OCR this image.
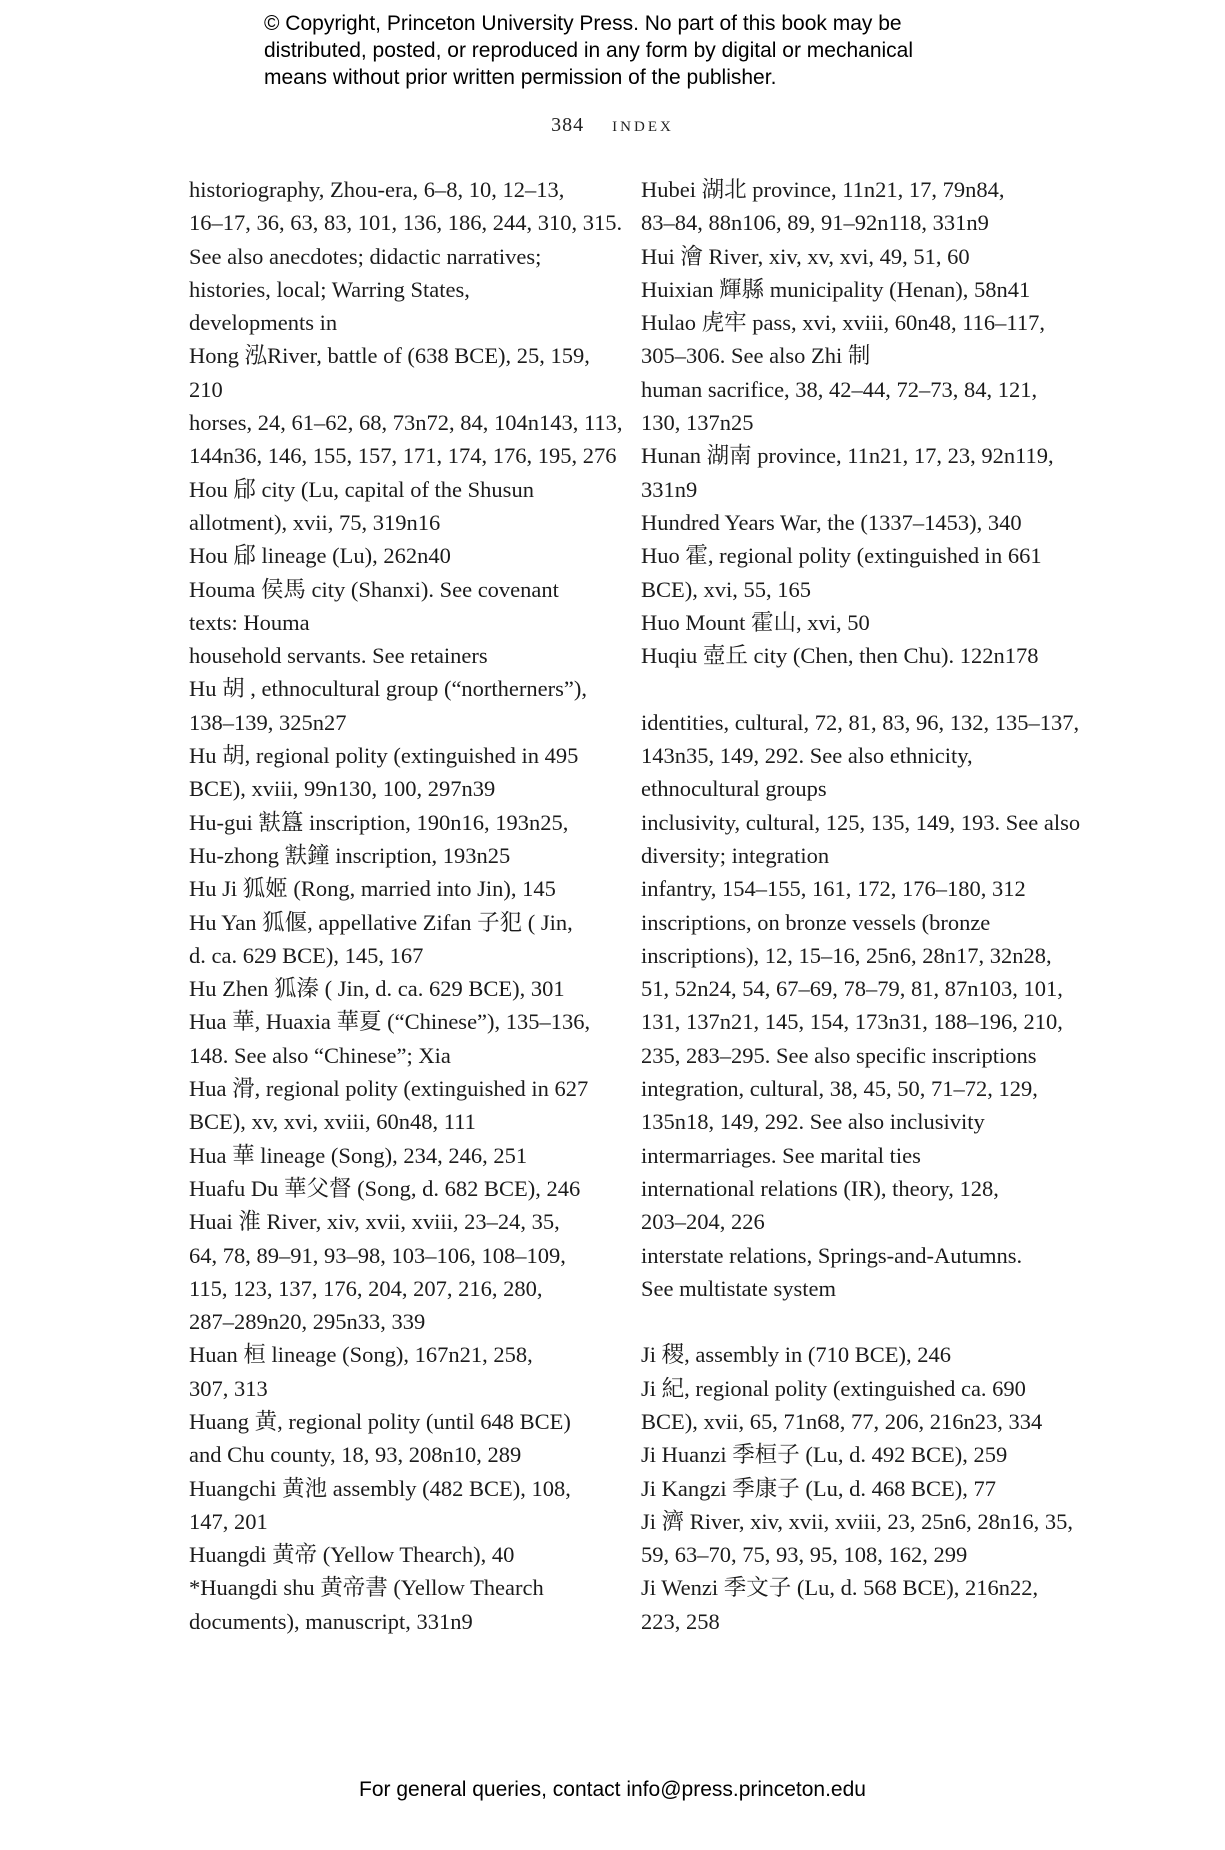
© Copyright, Princeton University Press. No part of this book may be
distributed, posted, or reproduced in any form by digital or mechanical
means without prior written permission of the publisher.
384 index
historiography, Zhou-era, 6–8, 10, 12–13,
16–17, 36, 63, 83, 101, 136, 186, 244, 310, 315.
See also anecdotes; didactic narratives;
histories, local; Warring States,
developments in
Hong 泓River, battle of (638 BCE), 25, 159,
210
horses, 24, 61–62, 68, 73n72, 84, 104n143, 113,
144n36, 146, 155, 157, 171, 174, 176, 195, 276
Hou 郈 city (Lu, capital of the Shusun
allotment), xvii, 75, 319n16
Hou 郈 lineage (Lu), 262n40
Houma 侯馬 city (Shanxi). See covenant
texts: Houma
household servants. See retainers
Hu 胡 , ethnocultural group (“northerners”),
138–139, 325n27
Hu 胡, regional polity (extinguished in 495
BCE), xviii, 99n130, 100, 297n39
Hu-gui 㝬簋 inscription, 190n16, 193n25,
Hu-zhong 㝬鐘 inscription, 193n25
Hu Ji 狐姬 (Rong, married into Jin), 145
Hu Yan 狐偃, appellative Zifan 子犯 ( Jin,
d. ca. 629 BCE), 145, 167
Hu Zhen 狐溱 ( Jin, d. ca. 629 BCE), 301
Hua 華, Huaxia 華夏 (“Chinese”), 135–136,
148. See also “Chinese”; Xia
Hua 滑, regional polity (extinguished in 627
BCE), xv, xvi, xviii, 60n48, 111
Hua 華 lineage (Song), 234, 246, 251
Huafu Du 華父督 (Song, d. 682 BCE), 246
Huai 淮 River, xiv, xvii, xviii, 23–24, 35,
64, 78, 89–91, 93–98, 103–106, 108–109,
115, 123, 137, 176, 204, 207, 216, 280,
287–289n20, 295n33, 339
Huan 桓 lineage (Song), 167n21, 258,
307, 313
Huang 黄, regional polity (until 648 BCE)
and Chu county, 18, 93, 208n10, 289
Huangchi 黄池 assembly (482 BCE), 108,
147, 201
Huangdi 黄帝 (Yellow Thearch), 40
*Huangdi shu 黄帝書 (Yellow Thearch
documents), manuscript, 331n9
Hubei 湖北 province, 11n21, 17, 79n84,
83–84, 88n106, 89, 91–92n118, 331n9
Hui 澮 River, xiv, xv, xvi, 49, 51, 60
Huixian 輝縣 municipality (Henan), 58n41
Hulao 虎牢 pass, xvi, xviii, 60n48, 116–117,
305–306. See also Zhi 制
human sacrifice, 38, 42–44, 72–73, 84, 121,
130, 137n25
Hunan 湖南 province, 11n21, 17, 23, 92n119,
331n9
Hundred Years War, the (1337–1453), 340
Huo 霍, regional polity (extinguished in 661
BCE), xvi, 55, 165
Huo Mount 霍山, xvi, 50
Huqiu 壺丘 city (Chen, then Chu). 122n178
identities, cultural, 72, 81, 83, 96, 132, 135–137,
143n35, 149, 292. See also ethnicity,
ethnocultural groups
inclusivity, cultural, 125, 135, 149, 193. See also
diversity; integration
infantry, 154–155, 161, 172, 176–180, 312
inscriptions, on bronze vessels (bronze
inscriptions), 12, 15–16, 25n6, 28n17, 32n28,
51, 52n24, 54, 67–69, 78–79, 81, 87n103, 101,
131, 137n21, 145, 154, 173n31, 188–196, 210,
235, 283–295. See also specific inscriptions
integration, cultural, 38, 45, 50, 71–72, 129,
135n18, 149, 292. See also inclusivity
intermarriages. See marital ties
international relations (IR), theory, 128,
203–204, 226
interstate relations, Springs-and-Autumns.
See multistate system
Ji 稷, assembly in (710 BCE), 246
Ji 紀, regional polity (extinguished ca. 690
BCE), xvii, 65, 71n68, 77, 206, 216n23, 334
Ji Huanzi 季桓子 (Lu, d. 492 BCE), 259
Ji Kangzi 季康子 (Lu, d. 468 BCE), 77
Ji 濟 River, xiv, xvii, xviii, 23, 25n6, 28n16, 35,
59, 63–70, 75, 93, 95, 108, 162, 299
Ji Wenzi 季文子 (Lu, d. 568 BCE), 216n22,
223, 258
For general queries, contact info@press.princeton.edu
